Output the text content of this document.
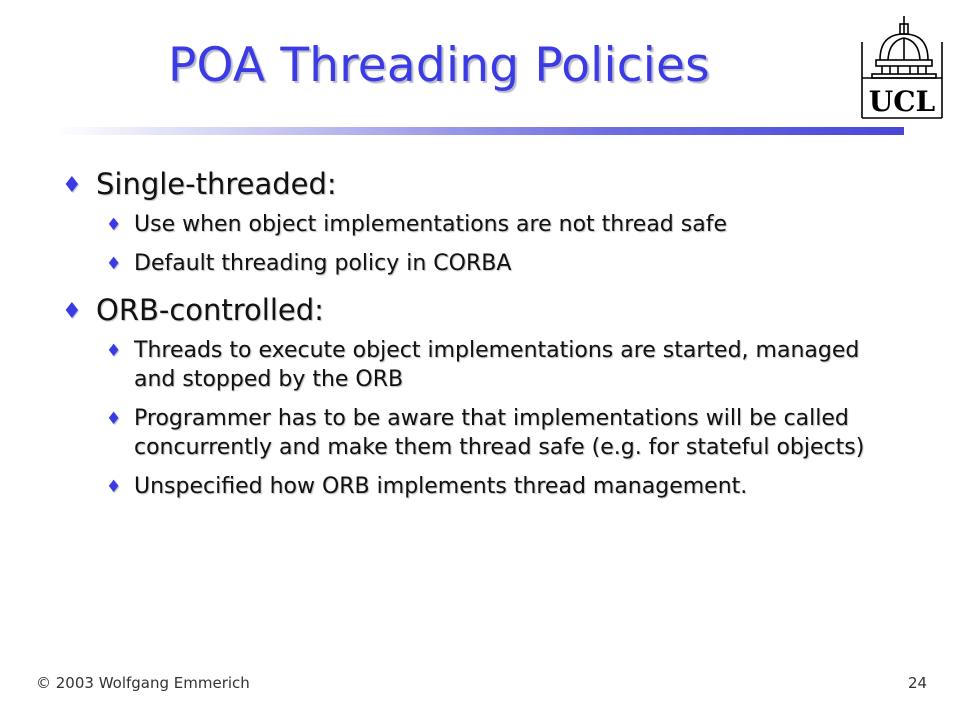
POA Threading Policies
UCL
♦ Single-threaded:
♦ Use when object implementations are not thread safe
♦ Default threading policy in CORBA
♦ ORB-controlled:
♦ Threads to execute object implementations are started, managed and stopped by the ORB
♦ Programmer has to be aware that implementations will be called concurrently and make them thread safe (e.g. for stateful objects)
♦ Unspecified how ORB implements thread management.
© 2003 Wolfgang Emmerich	24
